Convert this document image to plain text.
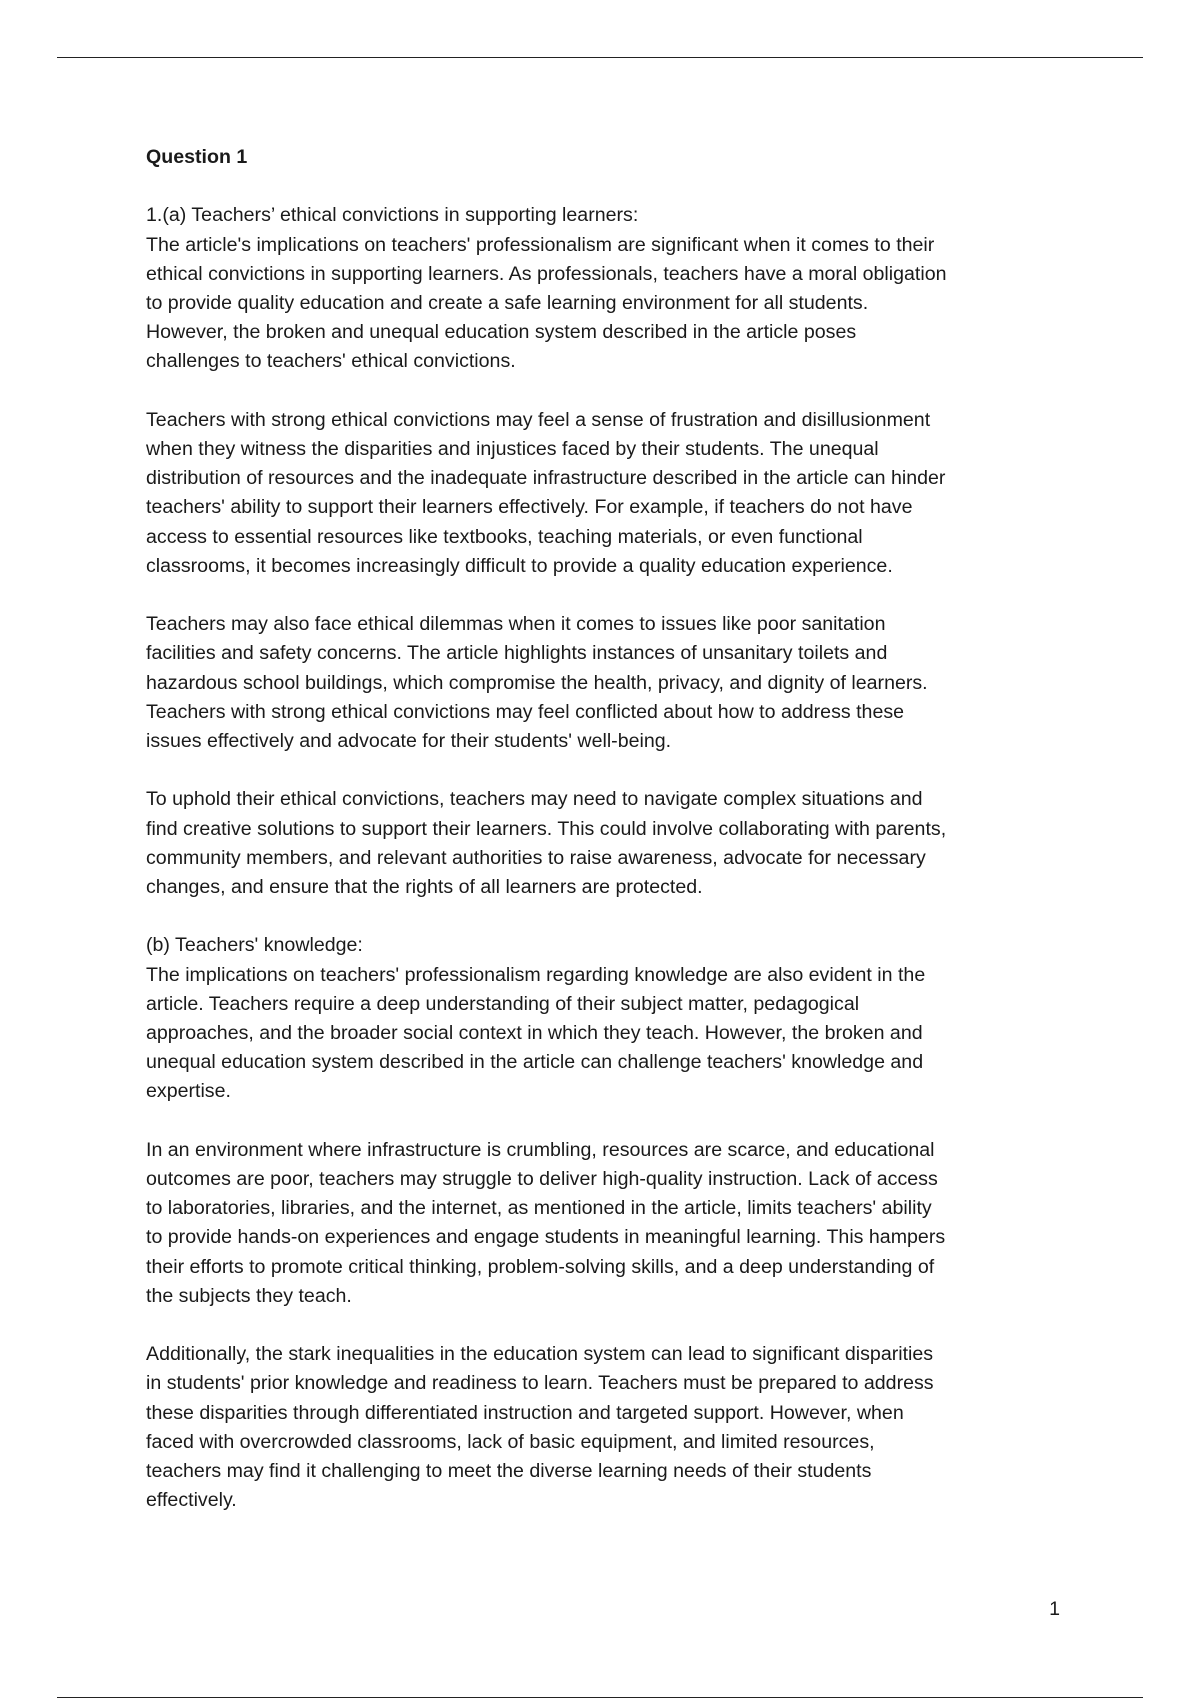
Question 1
1.(a) Teachers’ ethical convictions in supporting learners:
The article's implications on teachers' professionalism are significant when it comes to their
ethical convictions in supporting learners. As professionals, teachers have a moral obligation
to provide quality education and create a safe learning environment for all students.
However, the broken and unequal education system described in the article poses
challenges to teachers' ethical convictions.
Teachers with strong ethical convictions may feel a sense of frustration and disillusionment
when they witness the disparities and injustices faced by their students. The unequal
distribution of resources and the inadequate infrastructure described in the article can hinder
teachers' ability to support their learners effectively. For example, if teachers do not have
access to essential resources like textbooks, teaching materials, or even functional
classrooms, it becomes increasingly difficult to provide a quality education experience.
Teachers may also face ethical dilemmas when it comes to issues like poor sanitation
facilities and safety concerns. The article highlights instances of unsanitary toilets and
hazardous school buildings, which compromise the health, privacy, and dignity of learners.
Teachers with strong ethical convictions may feel conflicted about how to address these
issues effectively and advocate for their students' well-being.
To uphold their ethical convictions, teachers may need to navigate complex situations and
find creative solutions to support their learners. This could involve collaborating with parents,
community members, and relevant authorities to raise awareness, advocate for necessary
changes, and ensure that the rights of all learners are protected.
(b) Teachers' knowledge:
The implications on teachers' professionalism regarding knowledge are also evident in the
article. Teachers require a deep understanding of their subject matter, pedagogical
approaches, and the broader social context in which they teach. However, the broken and
unequal education system described in the article can challenge teachers' knowledge and
expertise.
In an environment where infrastructure is crumbling, resources are scarce, and educational
outcomes are poor, teachers may struggle to deliver high-quality instruction. Lack of access
to laboratories, libraries, and the internet, as mentioned in the article, limits teachers' ability
to provide hands-on experiences and engage students in meaningful learning. This hampers
their efforts to promote critical thinking, problem-solving skills, and a deep understanding of
the subjects they teach.
Additionally, the stark inequalities in the education system can lead to significant disparities
in students' prior knowledge and readiness to learn. Teachers must be prepared to address
these disparities through differentiated instruction and targeted support. However, when
faced with overcrowded classrooms, lack of basic equipment, and limited resources,
teachers may find it challenging to meet the diverse learning needs of their students
effectively.
1
